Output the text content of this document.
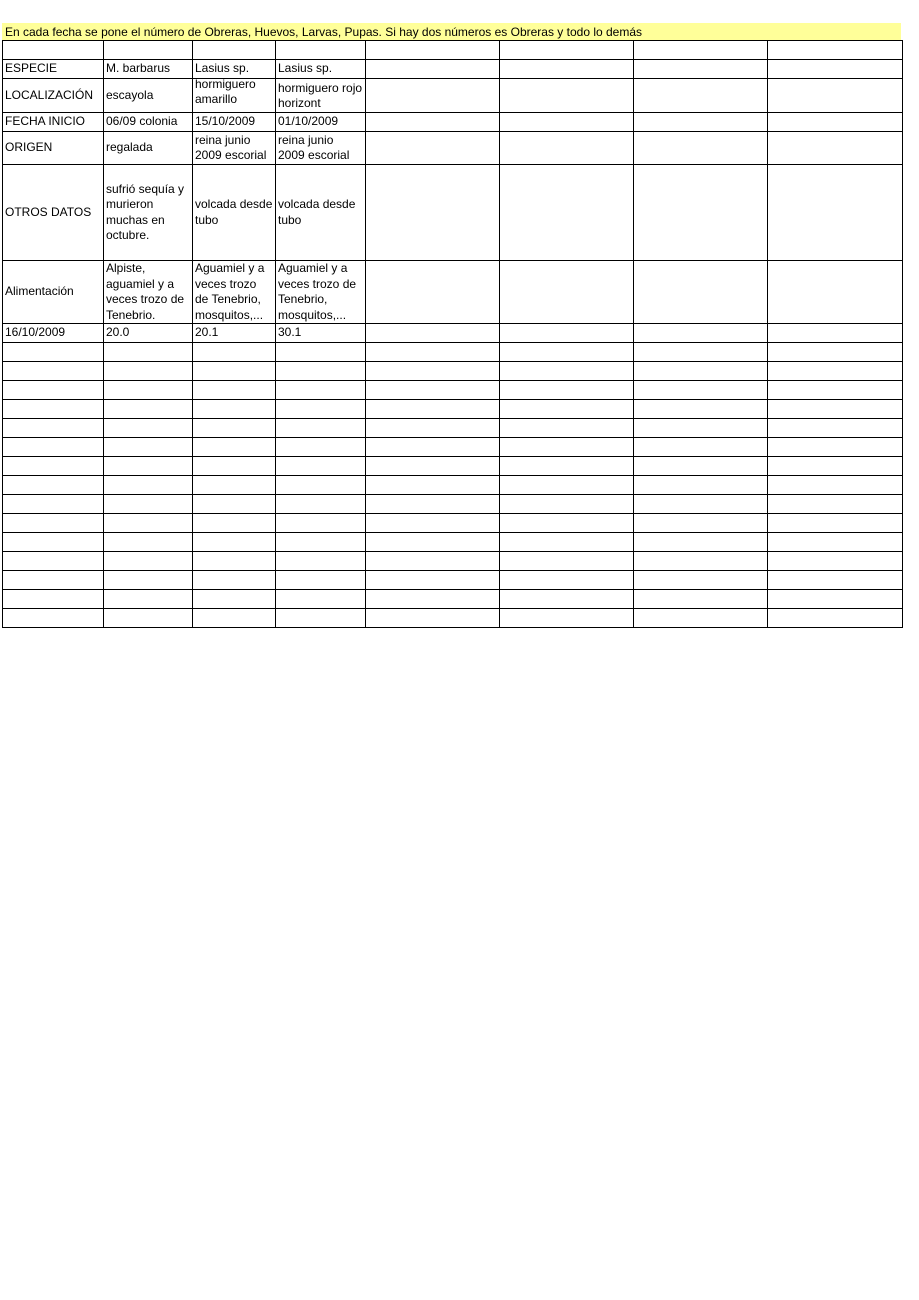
En cada fecha se pone el número de Obreras, Huevos, Larvas, Pupas. Si hay dos números es Obreras y todo lo demás

ESPECIE	M. barbarus	Lasius sp.	Lasius sp.				
LOCALIZACIÓN	escayola	hormiguero amarillo	hormiguero rojo horizont				

FECHA INICIO	06/09 colonia	15/10/2009	01/10/2009				
ORIGEN	regalada	reina junio 2009 escorial	reina junio 2009 escorial				
OTROS DATOS	sufrió sequía y murieron muchas en octubre.	volcada desde tubo	volcada desde tubo				
Alimentación	Alpiste, aguamiel y a veces trozo de Tenebrio.	Aguamiel y a veces trozo de Tenebrio, mosquitos,...	Aguamiel y a veces trozo de Tenebrio, mosquitos,...				
16/10/2009	20.0	20.1	30.1				
